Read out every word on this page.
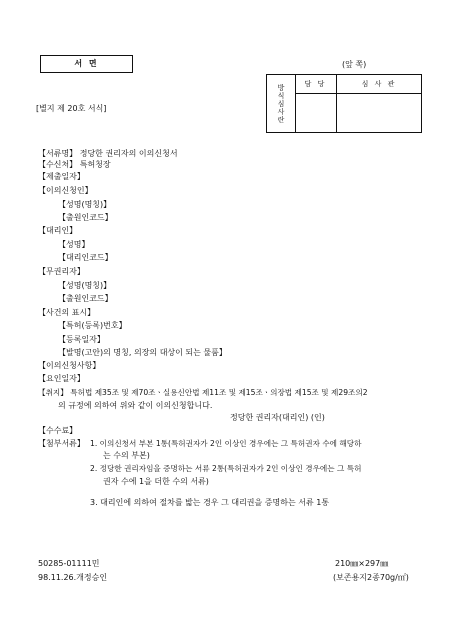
서 면	(앞 쪽)
[별지 제 20호 서식]	방식심사란	담 당	심 사 관
【서류명】 정당한 권리자의 이의신청서
【수신처】 특허청장
【제출일자】
【이의신청인】
【성명(명칭)】
【출원인코드】
【대리인】
【성명】
【대리인코드】
【무권리자】
【성명(명칭)】
【출원인코드】
【사건의 표시】
【특허(등록)번호】
【등록일자】
【발명(고안)의 명칭, 의장의 대상이 되는 물품】
【이의신청사항】
【요인일자】
【취지】 특허법 제35조 및 제70조ㆍ실용신안법 제11조 및 제15조ㆍ의장법 제15조 및 제29조의2
의 규정에 의하여 위와 같이 이의신청합니다.
정당한 권리자(대리인) (인)
【수수료】
【첨부서류】 1. 이의신청서 부본 1통(특허권자가 2인 이상인 경우에는 그 특허권자 수에 해당하
는 수의 부본)
2. 정당한 권리자임을 증명하는 서류 2통(특허권자가 2인 이상인 경우에는 그 특허
권자 수에 1을 더한 수의 서류)
3. 대리인에 의하여 절차를 밟는 경우 그 대리권을 증명하는 서류 1통
50285-01111민
98.11.26.개정승인
210㎜×297㎜
(보존용지2종70g/㎡)
